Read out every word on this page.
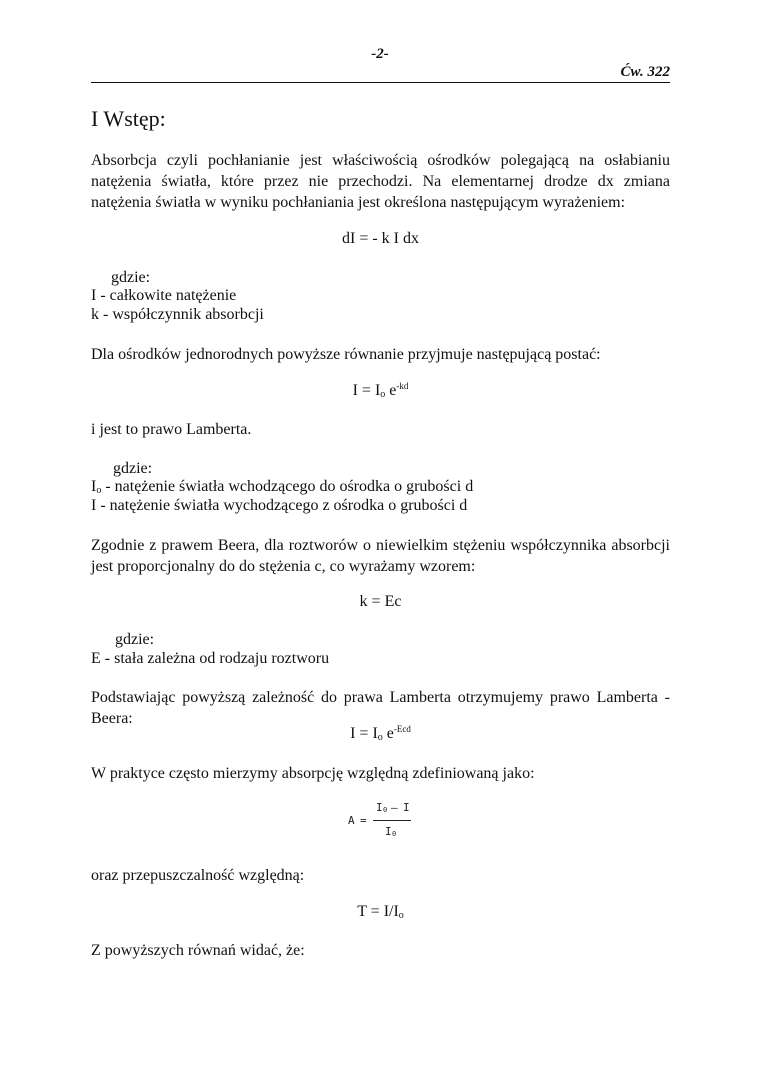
-2-
Ćw. 322
I Wstęp:
Absorbcja czyli pochłanianie jest właściwością ośrodków polegającą na osłabianiu natężenia światła, które przez nie przechodzi. Na elementarnej drodze dx zmiana natężenia światła w wyniku pochłaniania jest określona następującym wyrażeniem:
dI = - k I dx
gdzie:
I - całkowite natężenie
k - współczynnik absorbcji
Dla ośrodków jednorodnych powyższe równanie przyjmuje następującą postać:
$I = I_o$ $e^{-kd}$
i jest to prawo Lamberta.
gdzie:
$I_o$ - natężenie światła wchodzącego do ośrodka o grubości d
I - natężenie światła wychodzącego z ośrodka o grubości d
Zgodnie z prawem Beera, dla roztworów o niewielkim stężeniu współczynnika absorbcji jest proporcjonalny do do stężenia c, co wyrażamy wzorem:
k = Ec
gdzie:
E - stała zależna od rodzaju roztworu
Podstawiając powyższą zależność do prawa Lamberta otrzymujemy prawo Lamberta - Beera:
$I = I_o$ $e^{-Ecd}$
W praktyce często mierzymy absorpcję względną zdefiniowaną jako:
A =
I 0 – I
I 0
oraz przepuszczalność względną:
$T = I/I_o$
Z powyższych równań widać, że:
